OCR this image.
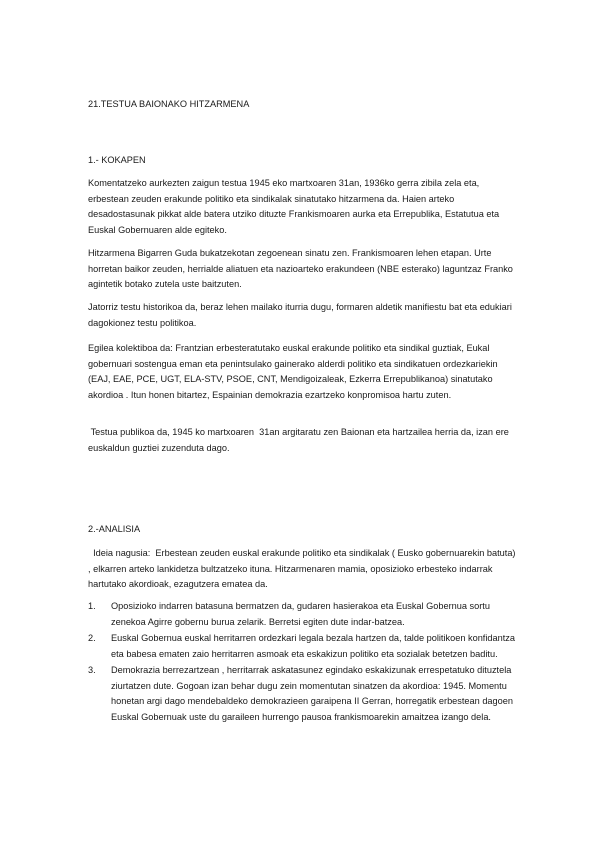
21.TESTUA BAIONAKO HITZARMENA

1.- KOKAPEN

Komentatzeko aurkezten zaigun testua 1945 eko martxoaren 31an, 1936ko gerra zibila zela eta, erbestean zeuden erakunde politiko eta sindikalak sinatutako hitzarmena da. Haien arteko desadostasunak pikkat alde batera utziko dituzte Frankismoaren aurka eta Errepublika, Estatutua eta Euskal Gobernuaren alde egiteko.

Hitzarmena Bigarren Guda bukatzekotan zegoenean sinatu zen. Frankismoaren lehen etapan. Urte horretan baikor zeuden, herrialde aliatuen eta nazioarteko erakundeen (NBE esterako) laguntzaz Franko agintetik botako zutela uste baitzuten.

Jatorriz testu historikoa da, beraz lehen mailako iturria dugu, formaren aldetik manifiestu bat eta edukiari dagokionez testu politikoa.

Egilea kolektiboa da: Frantzian erbesteratutako euskal erakunde politiko eta sindikal guztiak, Eukal gobernuari sostengua eman eta penintsulako gainerako alderdi politiko eta sindikatuen ordezkariekin (EAJ, EAE, PCE, UGT, ELA-STV, PSOE, CNT, Mendigoizaleak, Ezkerra Errepublikanoa) sinatutako akordioa . Itun honen bitartez, Espainian demokrazia ezartzeko konpromisoa hartu zuten.

Testua publikoa da, 1945 ko martxoaren  31an argitaratu zen Baionan eta hartzailea herria da, izan ere euskaldun guztiei zuzenduta dago.

2.-ANALISIA

Ideia nagusia:  Erbestean zeuden euskal erakunde politiko eta sindikalak ( Eusko gobernuarekin batuta) , elkarren arteko lankidetza bultzatzeko ituna. Hitzarmenaren mamia, oposizioko erbesteko indarrak hartutako akordioak, ezagutzera ematea da.

1. Oposizioko indarren batasuna bermatzen da, gudaren hasierakoa eta Euskal Gobernua sortu zenekoa Agirre gobernu burua zelarik. Berretsi egiten dute indar-batzea.
2. Euskal Gobernua euskal herritarren ordezkari legala bezala hartzen da, talde politikoen konfidantza eta babesa ematen zaio herritarren asmoak eta eskakizun politiko eta sozialak betetzen baditu.
3. Demokrazia berrezartzean , herritarrak askatasunez egindako eskakizunak errespetatuko dituztela ziurtatzen dute. Gogoan izan behar dugu zein momentutan sinatzen da akordioa: 1945. Momentu honetan argi dago mendebaldeko demokrazieen garaipena II Gerran, horregatik erbestean dagoen Euskal Gobernuak uste du garaileen hurrengo pausoa frankismoarekin amaitzea izango dela.
